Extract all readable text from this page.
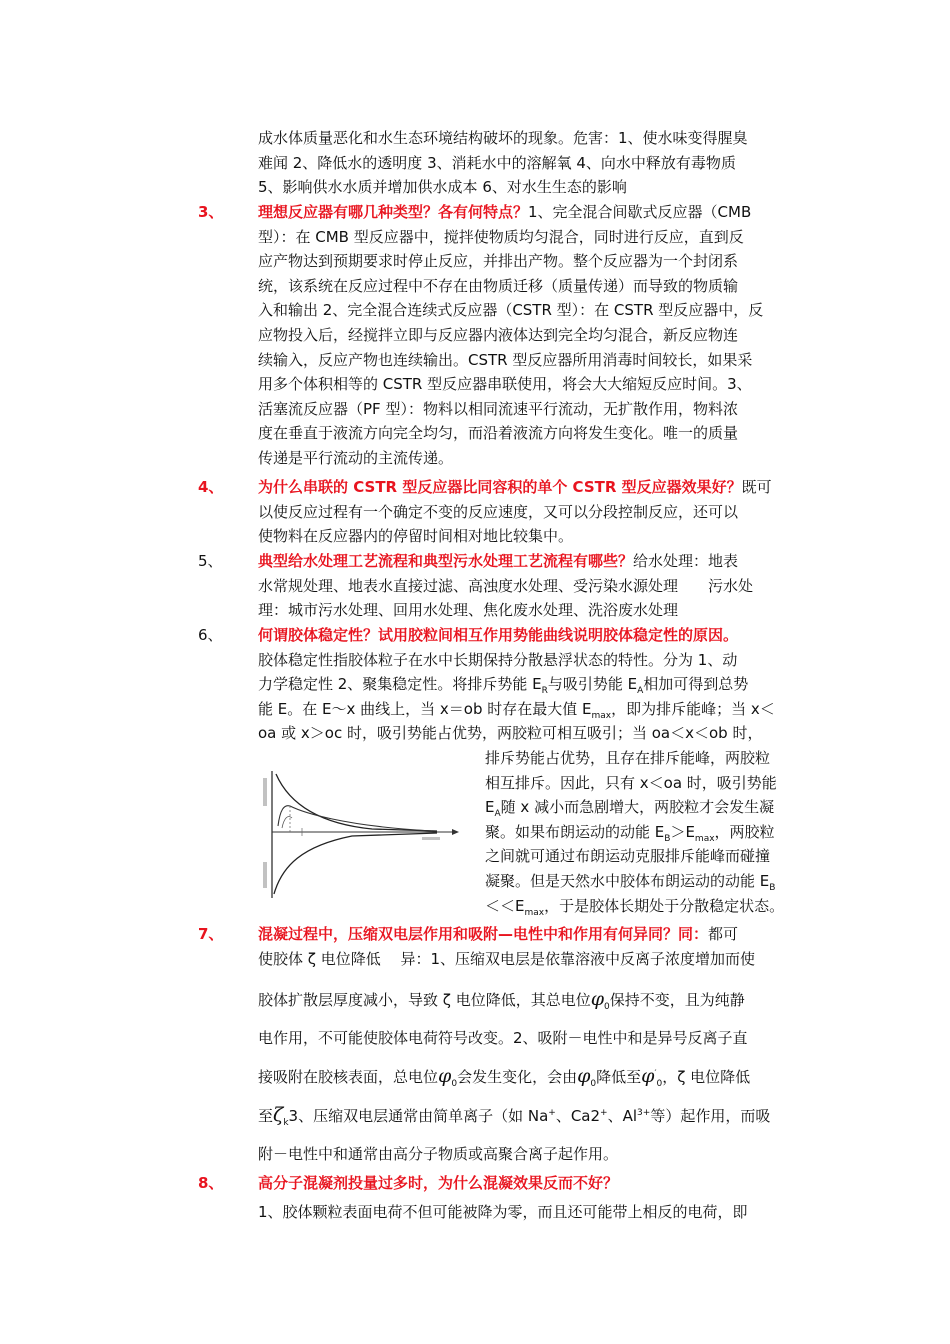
成水体质量恶化和水生态环境结构破坏的现象。危害：1、使水味变得腥臭
难闻 2、降低水的透明度 3、消耗水中的溶解氧 4、向水中释放有毒物质
5、影响供水水质并增加供水成本 6、对水生生态的影响
3、 理想反应器有哪几种类型？各有何特点？1、完全混合间歇式反应器（CMB
型）：在 CMB 型反应器中，搅拌使物质均匀混合，同时进行反应，直到反
应产物达到预期要求时停止反应，并排出产物。整个反应器为一个封闭系
统，该系统在反应过程中不存在由物质迁移（质量传递）而导致的物质输
入和输出 2、完全混合连续式反应器（CSTR 型）：在 CSTR 型反应器中，反
应物投入后，经搅拌立即与反应器内液体达到完全均匀混合，新反应物连
续输入，反应产物也连续输出。CSTR 型反应器所用消毒时间较长，如果采
用多个体积相等的 CSTR 型反应器串联使用，将会大大缩短反应时间。3、
活塞流反应器（PF 型）：物料以相同流速平行流动，无扩散作用，物料浓
度在垂直于液流方向完全均匀，而沿着液流方向将发生变化。唯一的质量
传递是平行流动的主流传递。
4、 为什么串联的 CSTR 型反应器比同容积的单个 CSTR 型反应器效果好？既可
以使反应过程有一个确定不变的反应速度，又可以分段控制反应，还可以
使物料在反应器内的停留时间相对地比较集中。
5、 典型给水处理工艺流程和典型污水处理工艺流程有哪些？给水处理：地表
水常规处理、地表水直接过滤、高浊度水处理、受污染水源处理　　污水处
理：城市污水处理、回用水处理、焦化废水处理、洗浴废水处理
6、 何谓胶体稳定性？试用胶粒间相互作用势能曲线说明胶体稳定性的原因。
胶体稳定性指胶体粒子在水中长期保持分散悬浮状态的特性。分为 1、动
力学稳定性 2、聚集稳定性。将排斥势能 $E_R$与吸引势能 $E_A$相加可得到总势
能 E。在 E～x 曲线上，当 x＝ob 时存在最大值 $E_{max}$，即为排斥能峰；当 x＜
oa 或 x＞oc 时，吸引势能占优势，两胶粒可相互吸引；当 oa＜x＜ob 时，
排斥势能占优势，且存在排斥能峰，两胶粒
相互排斥。因此，只有 x＜oa 时，吸引势能
$E_A$随 x 减小而急剧增大，两胶粒才会发生凝
聚。如果布朗运动的动能 $E_B>E_{max}$，两胶粒
之间就可通过布朗运动克服排斥能峰而碰撞
凝聚。但是天然水中胶体布朗运动的动能 $E_B$
$<<E_{max}$，于是胶体长期处于分散稳定状态。
7、 混凝过程中，压缩双电层作用和吸附—电性中和作用有何异同？同：都可
使胶体 ζ 电位降低　 异：1、压缩双电层是依靠溶液中反离子浓度增加而使
胶体扩散层厚度减小，导致 ζ 电位降低，其总电位$\varphi_0$保持不变，且为纯静
电作用，不可能使胶体电荷符号改变。2、吸附－电性中和是异号反离子直
接吸附在胶核表面，总电位$\varphi_0$会发生变化，会由$\varphi_0$降低至$\varphi'_0$，ζ 电位降低
至$\zeta_k3$、压缩双电层通常由简单离子（如 Na+、Ca2+、$Al^{3+}$等）起作用，而吸
附－电性中和通常由高分子物质或高聚合离子起作用。
8、 高分子混凝剂投量过多时，为什么混凝效果反而不好？
1、胶体颗粒表面电荷不但可能被降为零，而且还可能带上相反的电荷，即
